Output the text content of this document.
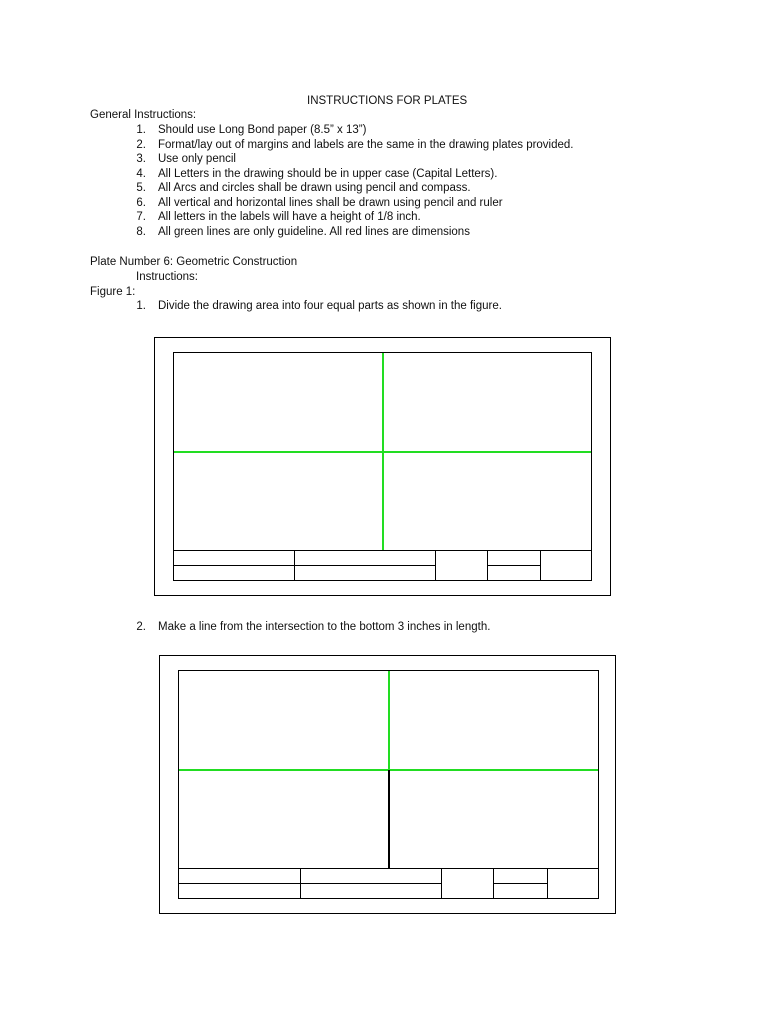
INSTRUCTIONS FOR PLATES
General Instructions:
1. Should use Long Bond paper (8.5” x 13”)
2. Format/lay out of margins and labels are the same in the drawing plates provided.
3. Use only pencil
4. All Letters in the drawing should be in upper case (Capital Letters).
5. All Arcs and circles shall be drawn using pencil and compass.
6. All vertical and horizontal lines shall be drawn using pencil and ruler
7. All letters in the labels will have a height of 1/8 inch.
8. All green lines are only guideline. All red lines are dimensions
Plate Number 6: Geometric Construction
Instructions:
Figure 1:
1. Divide the drawing area into four equal parts as shown in the figure.
2. Make a line from the intersection to the bottom 3 inches in length.
